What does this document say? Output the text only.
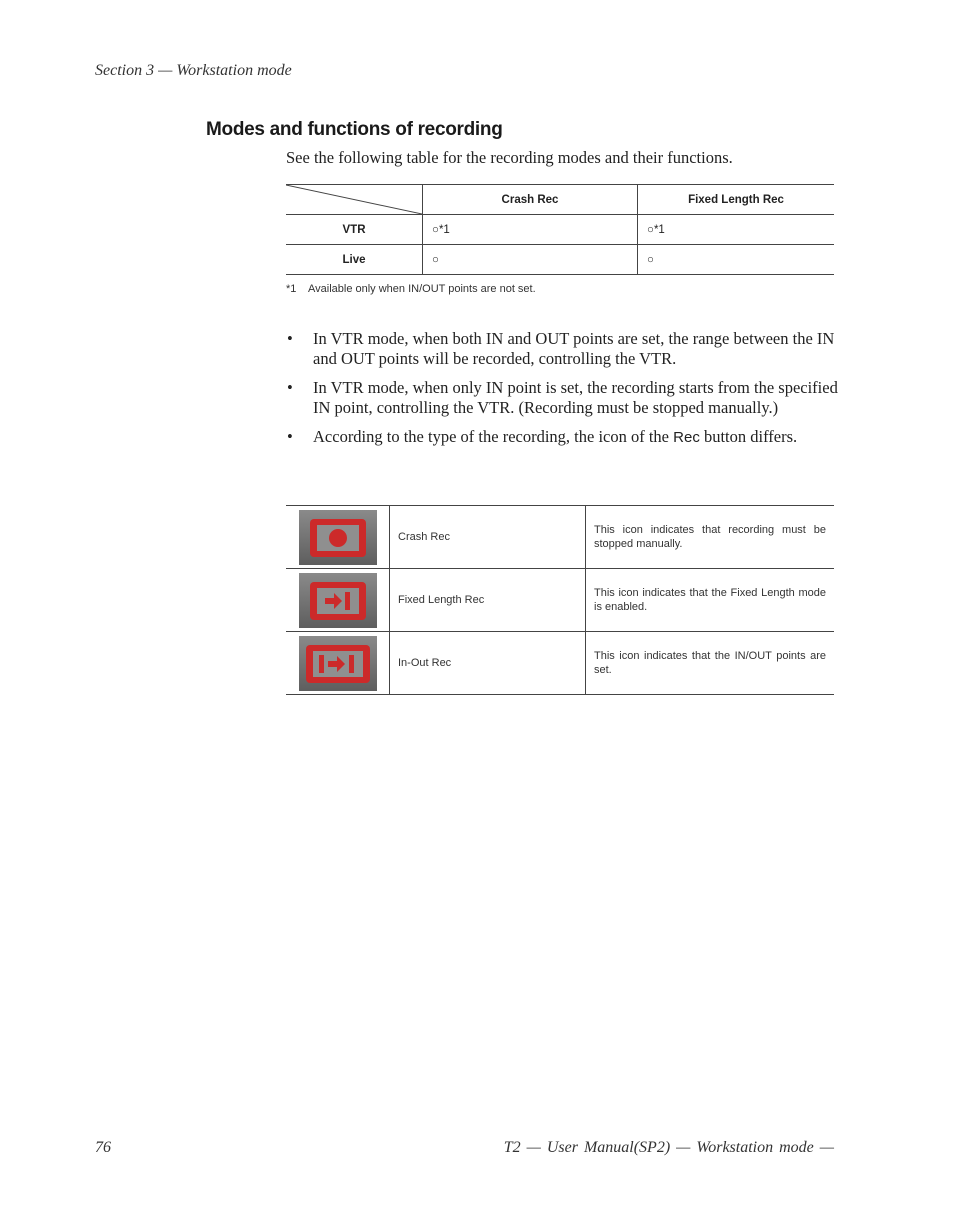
Section 3 — Workstation mode
Modes and functions of recording
See the following table for the recording modes and their functions.
	Crash Rec	Fixed Length Rec
VTR	○*1	○*1
Live	○	○
*1 Available only when IN/OUT points are not set.
• In VTR mode, when both IN and OUT points are set, the range between the IN and OUT points will be recorded, controlling the VTR.
• In VTR mode, when only IN point is set, the recording starts from the specified IN point, controlling the VTR. (Recording must be stopped manually.)
• According to the type of the recording, the icon of the Rec button differs.
	Crash Rec	This icon indicates that recording must be stopped manually.
	Fixed Length Rec	This icon indicates that the Fixed Length mode is enabled.
	In-Out Rec	This icon indicates that the IN/OUT points are set.
76	T2 — User Manual(SP2) — Workstation mode —
